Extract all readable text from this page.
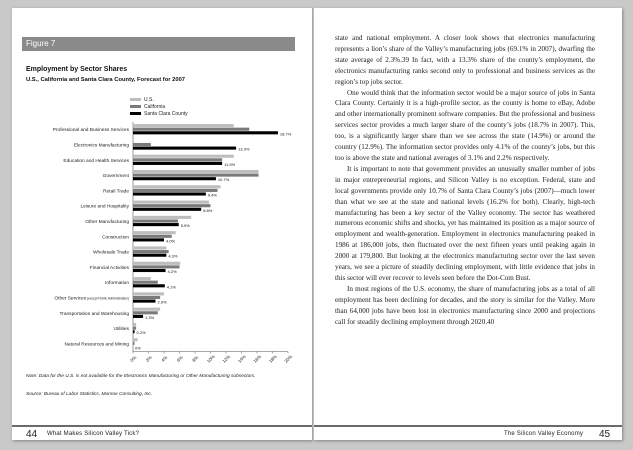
Figure 7
Employment by Sector Shares
U.S., California and Santa Clara County, Forecast for 2007
U.S.
California
Santa Clara County
Professional and Business Services
18.7%
Electronics Manufacturing
13.3%
Education and Health Services
11.5%
Government
10.7%
Retail Trade
9.4%
Leisure and Hospitality
8.8%
Other Manufacturing
5.9%
Construction
4.0%
Wholesale Trade
4.3%
Financial Activities
4.2%
Information
4.1%
Other Services (except Public Administration)
2.9%
Transportation and Warehousing
1.3%
Utilities
0.2%
Natural Resources and Mining
0%
0% 2% 4% 6% 8% 10% 12% 14% 16% 18% 20%
Note: Data for the U.S. is not available for the Electronics Manufacturing or Other Manufacturing subsectors.
Source: Bureau of Labor Statistics, Munroe Consulting, Inc.

state and national employment. A closer look shows that electronics manufacturing represents a lion’s share of the Valley’s manufacturing jobs (69.1% in 2007), dwarfing the state average of 2.3%.39 In fact, with a 13.3% share of the county’s employment, the electronics manufacturing ranks second only to professional and business services as the region’s top jobs sector.

One would think that the information sector would be a major source of jobs in Santa Clara County. Certainly it is a high-profile sector, as the county is home to eBay, Adobe and other internationally prominent software companies. But the professional and business services sector provides a much larger share of the county’s jobs (18.7% in 2007). This, too, is a significantly larger share than we see across the state (14.9%) or around the country (12.9%). The information sector provides only 4.1% of the county’s jobs, but this too is above the state and national averages of 3.1% and 2.2% respectively.

It is important to note that government provides an unusually smaller number of jobs in major entrepreneurial regions, and Silicon Valley is no exception. Federal, state and local governments provide only 10.7% of Santa Clara County’s jobs (2007)—much lower than what we see at the state and national levels (16.2% for both). Clearly, high-tech manufacturing has been a key sector of the Valley economy. The sector has weathered numerous economic shifts and shocks, yet has maintained its position as a major source of employment and wealth-generation. Employment in electronics manufacturing peaked in 1986 at 186,000 jobs, then fluctuated over the next fifteen years until peaking again in 2000 at 179,800. But looking at the electronics manufacturing sector over the last seven years, we see a picture of steadily declining employment, with little evidence that jobs in this sector will ever recover to levels seen before the Dot-Com Bust.

In most regions of the U.S. economy, the share of manufacturing jobs as a total of all employment has been declining for decades, and the story is similar for the Valley. More than 64,000 jobs have been lost in electronics manufacturing since 2000 and projections call for steadily declining employment through 2020.40

44 What Makes Silicon Valley Tick?	The Silicon Valley Economy 45
